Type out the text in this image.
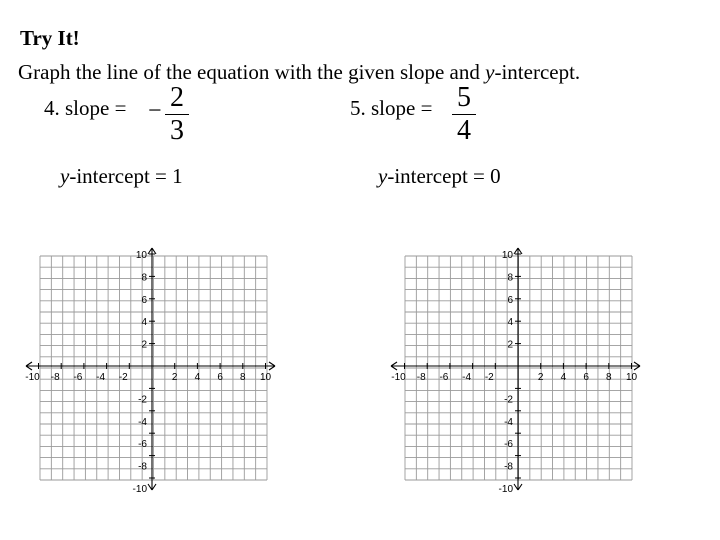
Try It!
Graph the line of the equation with the given slope and y-intercept.
4. slope = − 2
3
y-intercept = 1
5. slope = 5
4
y-intercept = 0
-10 -8 -6 -4 -2	2 4 6 8 10
10
8
6
4
2
-2
-4
-6
-8
-10
-10 -8 -6 -4 -2	2 4 6 8 10
10
8
6
4
2
-2
-4
-6
-8
-10
